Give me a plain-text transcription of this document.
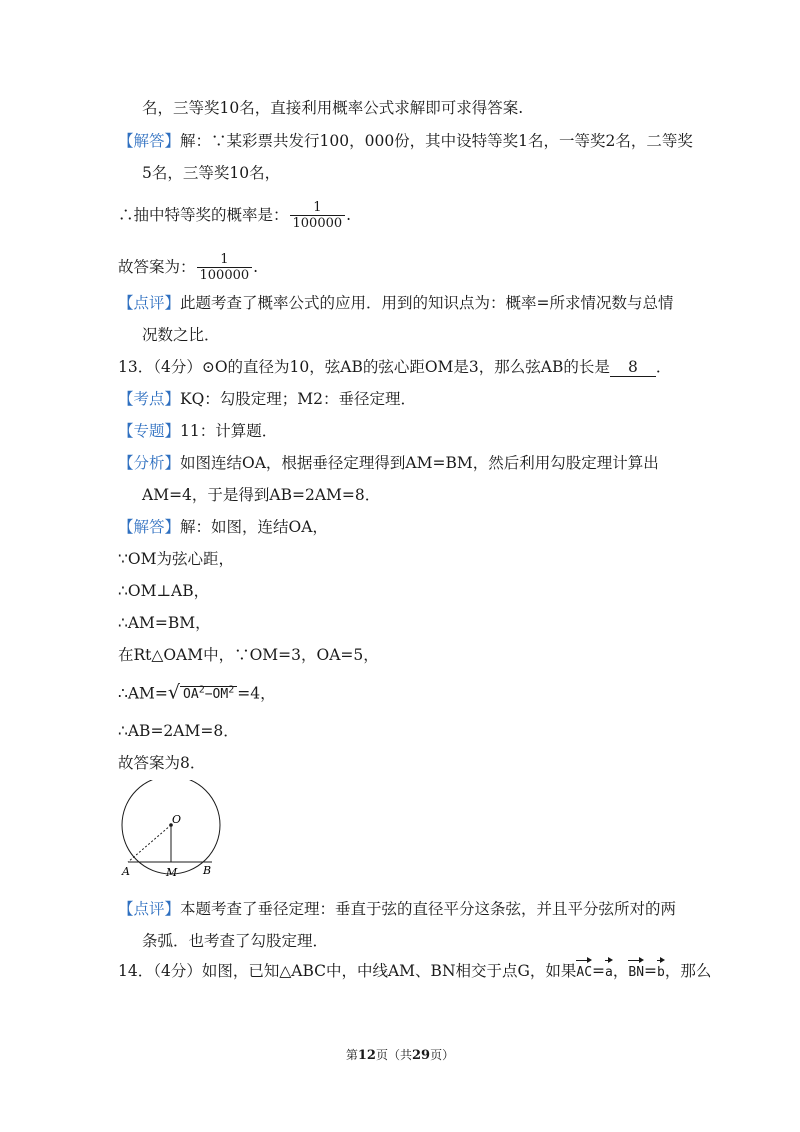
名，三等奖10名，直接利用概率公式求解即可求得答案.
【解答】解：∵某彩票共发行100，000份，其中设特等奖1名，一等奖2名，二等奖
5名，三等奖10名，
∴抽中特等奖的概率是： $\frac{1}{100000}$ .
故答案为： $\frac{1}{100000}$ .
【点评】此题考查了概率公式的应用．用到的知识点为：概率=所求情况数与总情
况数之比．
13．（4分）⊙O的直径为10，弦AB的弦心距OM是3，那么弦AB的长是 8 ．
【考点】KQ：勾股定理；M2：垂径定理．
【专题】11：计算题．
【分析】如图连结OA，根据垂径定理得到AM=BM，然后利用勾股定理计算出
AM=4，于是得到AB=2AM=8．
【解答】解：如图，连结OA，
∵OM为弦心距，
∴OM⊥AB，
∴AM=BM，
在Rt△OAM中，∵OM=3，OA=5，
∴AM=√ $OA^2-OM^2 =4$，
∴AB=2AM=8．
故答案为8．
O
A	M B
【点评】本题考查了垂径定理：垂直于弦的直径平分这条弦，并且平分弦所对的两
条弧．也考查了勾股定理．
14．（4分）如图，已知△ABC中，中线AM、BN相交于点G，如果AC=a，BN=b，那么
第12页（共29页）
